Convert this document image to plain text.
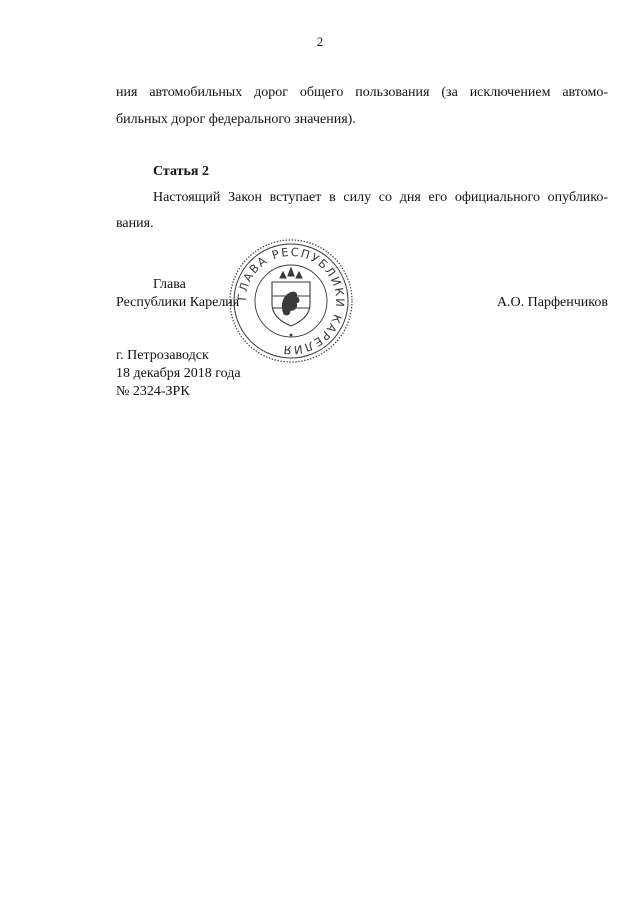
2
ния автомобильных дорог общего пользования (за исключением автомо-
бильных дорог федерального значения).
Статья 2
Настоящий Закон вступает в силу со дня его официального опублико-
вания.
ГЛАВА РЕСПУБЛИКИ КАРЕЛИЯ
Глава
Республики Карелия	А.О. Парфенчиков
г. Петрозаводск
18 декабря 2018 года
№ 2324-ЗРК
